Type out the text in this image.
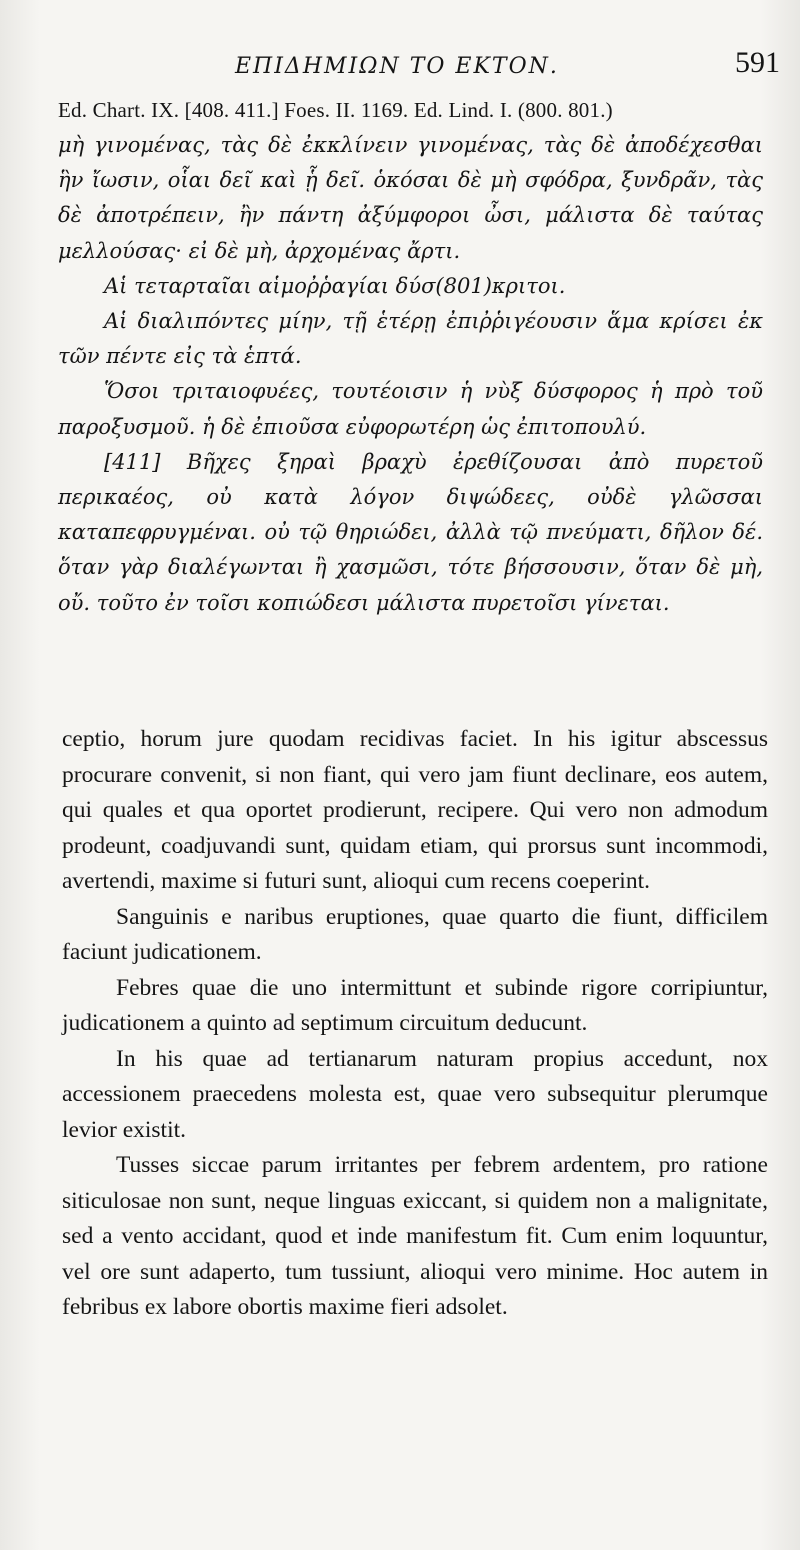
ΕΠΙΔΗΜΙΩΝ ΤΟ ΕΚΤΟΝ.	591
Ed. Chart. IX. [408. 411.] Foes. II. 1169. Ed. Lind. I. (800. 801.)

μὴ γινομένας, τὰς δὲ ἐκκλίνειν γινομένας, τὰς δὲ ἀποδέχεσθαι ἣν ἴωσιν, οἷαι δεῖ καὶ ᾗ δεῖ. ὁκόσαι δὲ μὴ σφόδρα, ξυνδρᾶν, τὰς δὲ ἀποτρέπειν, ἢν πάντη ἀξύμφοροι ὦσι, μάλιστα δὲ ταύτας μελλούσας· εἰ δὲ μὴ, ἀρχομένας ἄρτι.

Αἱ τεταρταῖαι αἱμοῤῥαγίαι δύσ(801)κριτοι.

Αἱ διαλιπόντες μίην, τῇ ἑτέρῃ ἐπιῤῥιγέουσιν ἅμα κρίσει ἐκ τῶν πέντε εἰς τὰ ἑπτά.

Ὅσοι τριταιοφυέες, τουτέοισιν ἡ νὺξ δύσφορος ἡ πρὸ τοῦ παροξυσμοῦ. ἡ δὲ ἐπιοῦσα εὐφορωτέρη ὡς ἐπιτοπουλύ.

[411] Βῆχες ξηραὶ βραχὺ ἐρεθίζουσαι ἀπὸ πυρετοῦ περικαέος, οὐ κατὰ λόγον διψώδεες, οὐδὲ γλῶσσαι καταπεφρυγμέναι. οὐ τῷ θηριώδει, ἀλλὰ τῷ πνεύματι, δῆλον δέ. ὅταν γὰρ διαλέγωνται ἢ χασμῶσι, τότε βήσσουσιν, ὅταν δὲ μὴ, οὔ. τοῦτο ἐν τοῖσι κοπιώδεσι μάλιστα πυρετοῖσι γίνεται.

ceptio, horum jure quodam recidivas faciet. In his igitur abscessus procurare convenit, si non fiant, qui vero jam fiunt declinare, eos autem, qui quales et qua oportet prodierunt, recipere. Qui vero non admodum prodeunt, coadjuvandi sunt, quidam etiam, qui prorsus sunt incommodi, avertendi, maxime si futuri sunt, alioqui cum recens coeperint.

Sanguinis e naribus eruptiones, quae quarto die fiunt, difficilem faciunt judicationem.

Febres quae die uno intermittunt et subinde rigore corripiuntur, judicationem a quinto ad septimum circuitum deducunt.

In his quae ad tertianarum naturam propius accedunt, nox accessionem praecedens molesta est, quae vero subsequitur plerumque levior existit.

Tusses siccae parum irritantes per febrem ardentem, pro ratione siticulosae non sunt, neque linguas exiccant, si quidem non a malignitate, sed a vento accidant, quod et inde manifestum fit. Cum enim loquuntur, vel ore sunt adaperto, tum tussiunt, alioqui vero minime. Hoc autem in febribus ex labore obortis maxime fieri adsolet.
